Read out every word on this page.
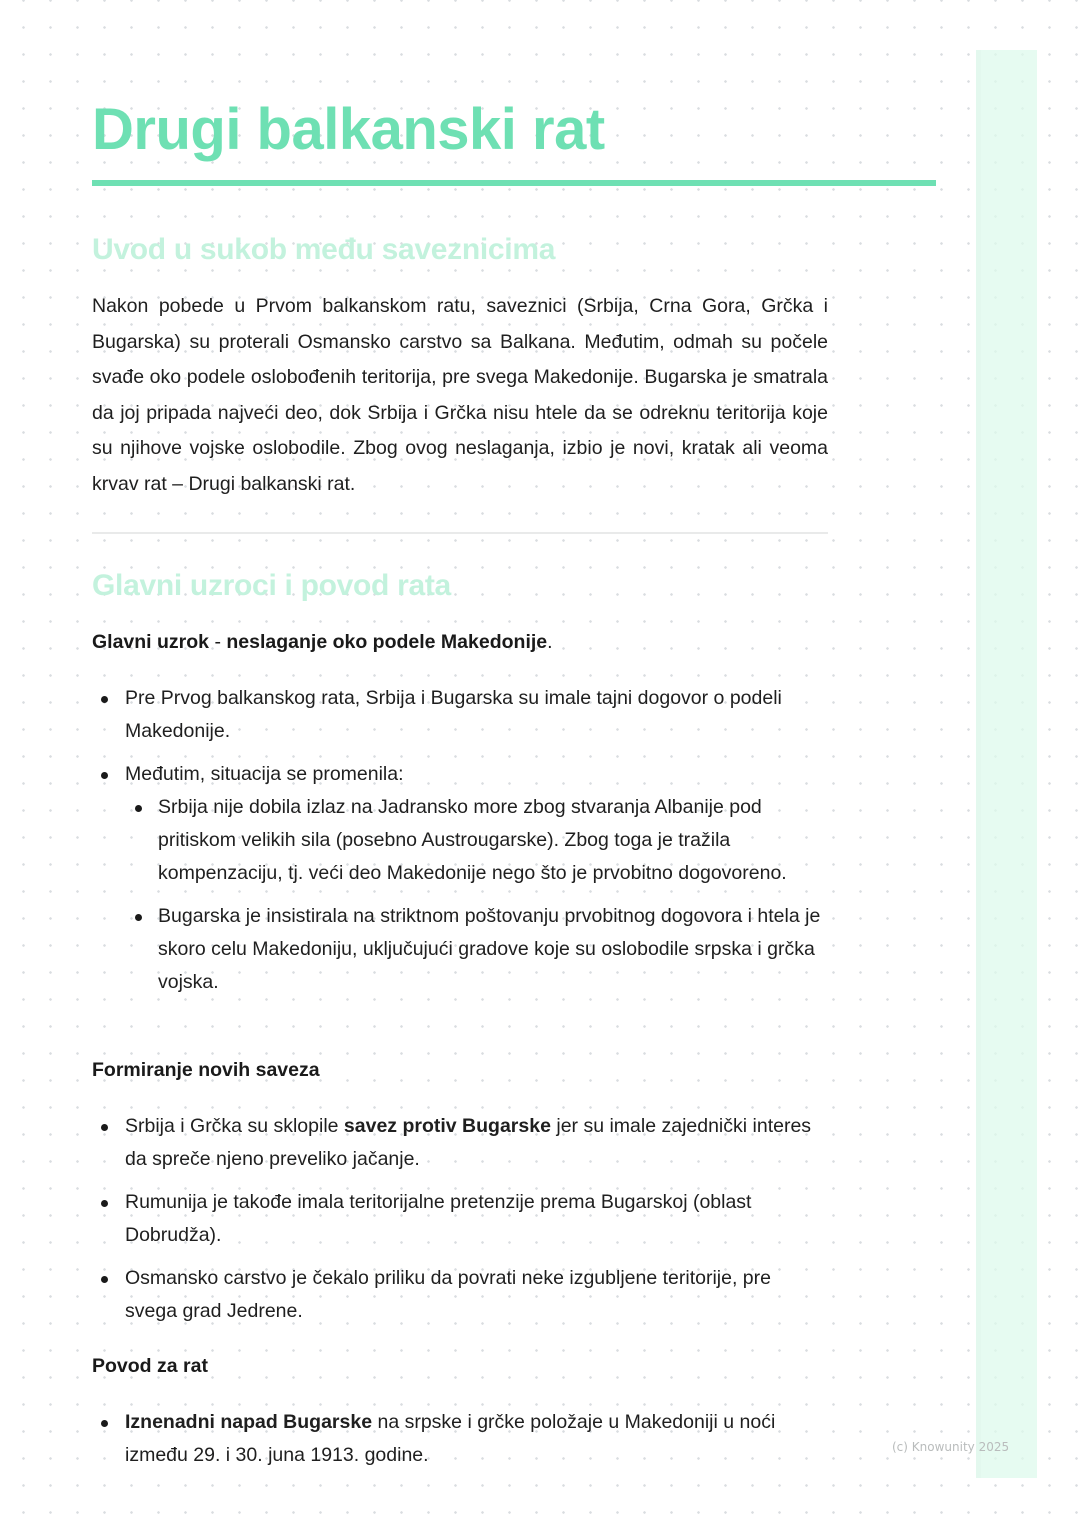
Drugi balkanski rat
Uvod u sukob među saveznicima

Nakon pobede u Prvom balkanskom ratu, saveznici (Srbija, Crna Gora, Grčka i Bugarska) su proterali Osmansko carstvo sa Balkana. Međutim, odmah su počele svađe oko podele oslobođenih teritorija, pre svega Makedonije. Bugarska je smatrala da joj pripada najveći deo, dok Srbija i Grčka nisu htele da se odreknu teritorija koje su njihove vojske oslobodile. Zbog ovog neslaganja, izbio je novi, kratak ali veoma krvav rat – Drugi balkanski rat.

Glavni uzroci i povod rata
Glavni uzrok - neslaganje oko podele Makedonije.
Pre Prvog balkanskog rata, Srbija i Bugarska su imale tajni dogovor o podeli Makedonije.
Međutim, situacija se promenila:
Srbija nije dobila izlaz na Jadransko more zbog stvaranja Albanije pod pritiskom velikih sila (posebno Austrougarske). Zbog toga je tražila kompenzaciju, tj. veći deo Makedonije nego što je prvobitno dogovoreno.
Bugarska je insistirala na striktnom poštovanju prvobitnog dogovora i htela je skoro celu Makedoniju, uključujući gradove koje su oslobodile srpska i grčka vojska.
Formiranje novih saveza
Srbija i Grčka su sklopile savez protiv Bugarske jer su imale zajednički interes da spreče njeno preveliko jačanje.
Rumunija je takođe imala teritorijalne pretenzije prema Bugarskoj (oblast Dobrudža).
Osmansko carstvo je čekalo priliku da povrati neke izgubljene teritorije, pre svega grad Jedrene.
Povod za rat
Iznenadni napad Bugarske na srpske i grčke položaje u Makedoniji u noći između 29. i 30. juna 1913. godine.	(c) Knowunity 2025
